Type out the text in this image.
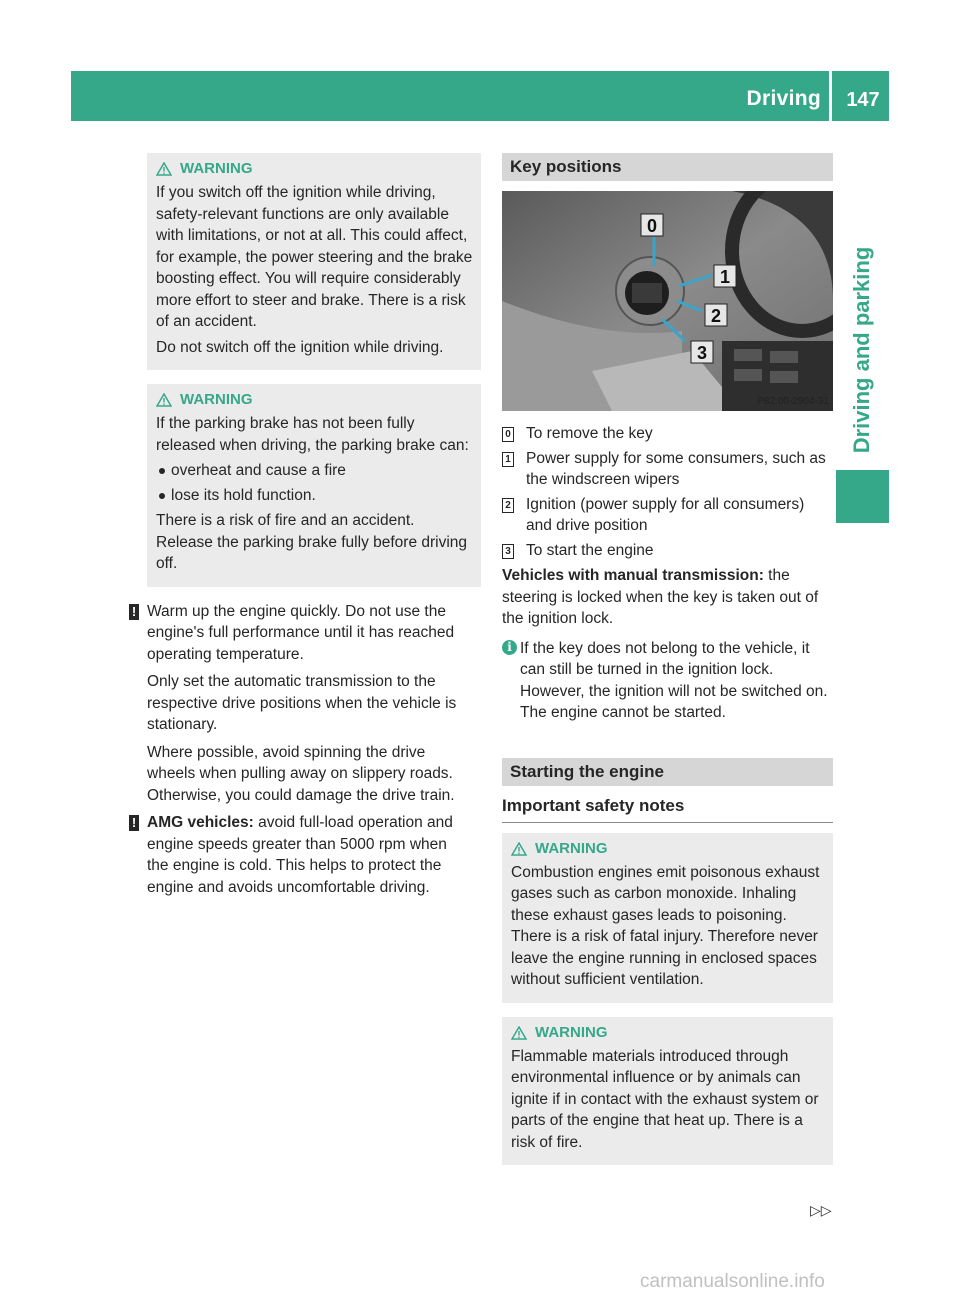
Driving	147
Driving and parking
WARNING

If you switch off the ignition while driving, safety-relevant functions are only available with limitations, or not at all. This could affect, for example, the power steering and the brake boosting effect. You will require considerably more effort to steer and brake. There is a risk of an accident.

Do not switch off the ignition while driving.

WARNING

If the parking brake has not been fully released when driving, the parking brake can:

overheat and cause a fire
lose its hold function.

There is a risk of fire and an accident. Release the parking brake fully before driving off.

! Warm up the engine quickly. Do not use the engine's full performance until it has reached operating temperature.

Only set the automatic transmission to the respective drive positions when the vehicle is stationary.

Where possible, avoid spinning the drive wheels when pulling away on slippery roads. Otherwise, you could damage the drive train.

! AMG vehicles: avoid full-load operation and engine speeds greater than 5000 rpm when the engine is cold. This helps to protect the engine and avoids uncomfortable driving.

Key positions
0
1
2
3
P82.00-2904-31
0 To remove the key
1 Power supply for some consumers, such as the windscreen wipers
2 Ignition (power supply for all consumers) and drive position
3 To start the engine

Vehicles with manual transmission: the steering is locked when the key is taken out of the ignition lock.

i If the key does not belong to the vehicle, it can still be turned in the ignition lock. However, the ignition will not be switched on.
The engine cannot be started.
Starting the engine
Important safety notes
WARNING

Combustion engines emit poisonous exhaust gases such as carbon monoxide. Inhaling these exhaust gases leads to poisoning. There is a risk of fatal injury. Therefore never leave the engine running in enclosed spaces without sufficient ventilation.

WARNING

Flammable materials introduced through environmental influence or by animals can ignite if in contact with the exhaust system or parts of the engine that heat up. There is a risk of fire.

▷▷
carmanualsonline.info
